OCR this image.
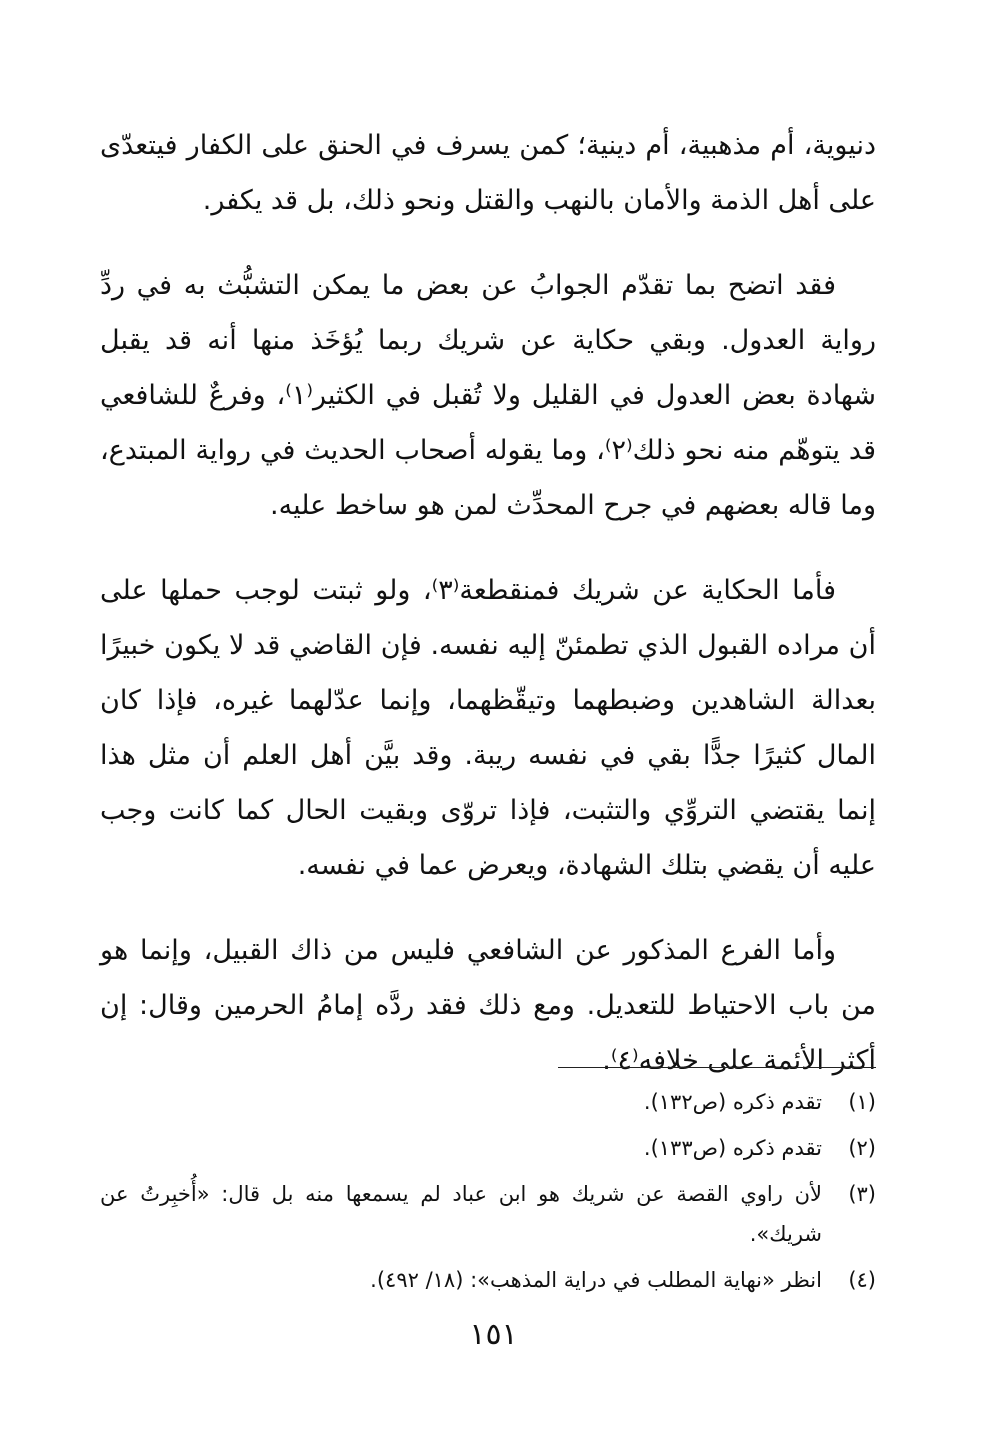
دنيوية، أم مذهبية، أم دينية؛ كمن يسرف في الحنق على الكفار فيتعدّى على أهل الذمة والأمان بالنهب والقتل ونحو ذلك، بل قد يكفر.

فقد اتضح بما تقدّم الجوابُ عن بعض ما يمكن التشبُّث به في ردِّ رواية العدول. وبقي حكاية عن شريك ربما يُؤخَذ منها أنه قد يقبل شهادة بعض العدول في القليل ولا تُقبل في الكثير⁽١⁾، وفرعٌ للشافعي قد يتوهّم منه نحو ذلك⁽٢⁾، وما يقوله أصحاب الحديث في رواية المبتدع، وما قاله بعضهم في جرح المحدِّث لمن هو ساخط عليه.

فأما الحكاية عن شريك فمنقطعة⁽٣⁾، ولو ثبتت لوجب حملها على أن مراده القبول الذي تطمئنّ إليه نفسه. فإن القاضي قد لا يكون خبيرًا بعدالة الشاهدين وضبطهما وتيقّظهما، وإنما عدّلهما غيره، فإذا كان المال كثيرًا جدًّا بقي في نفسه ريبة. وقد بيَّن أهل العلم أن مثل هذا إنما يقتضي التروِّي والتثبت، فإذا تروّى وبقيت الحال كما كانت وجب عليه أن يقضي بتلك الشهادة، ويعرض عما في نفسه.

وأما الفرع المذكور عن الشافعي فليس من ذاك القبيل، وإنما هو من باب الاحتياط للتعديل. ومع ذلك فقد ردَّه إمامُ الحرمين وقال: إن أكثر الأئمة على خلافه⁽٤⁾.

(١)
تقدم ذكره (ص١٣٢).
(٢)
تقدم ذكره (ص١٣٣).
(٣)
لأن راوي القصة عن شريك هو ابن عباد لم يسمعها منه بل قال: «أُخبِرتُ عن شريك».
(٤)
انظر «نهاية المطلب في دراية المذهب»: (١٨/ ٤٩٢).
١٥١
